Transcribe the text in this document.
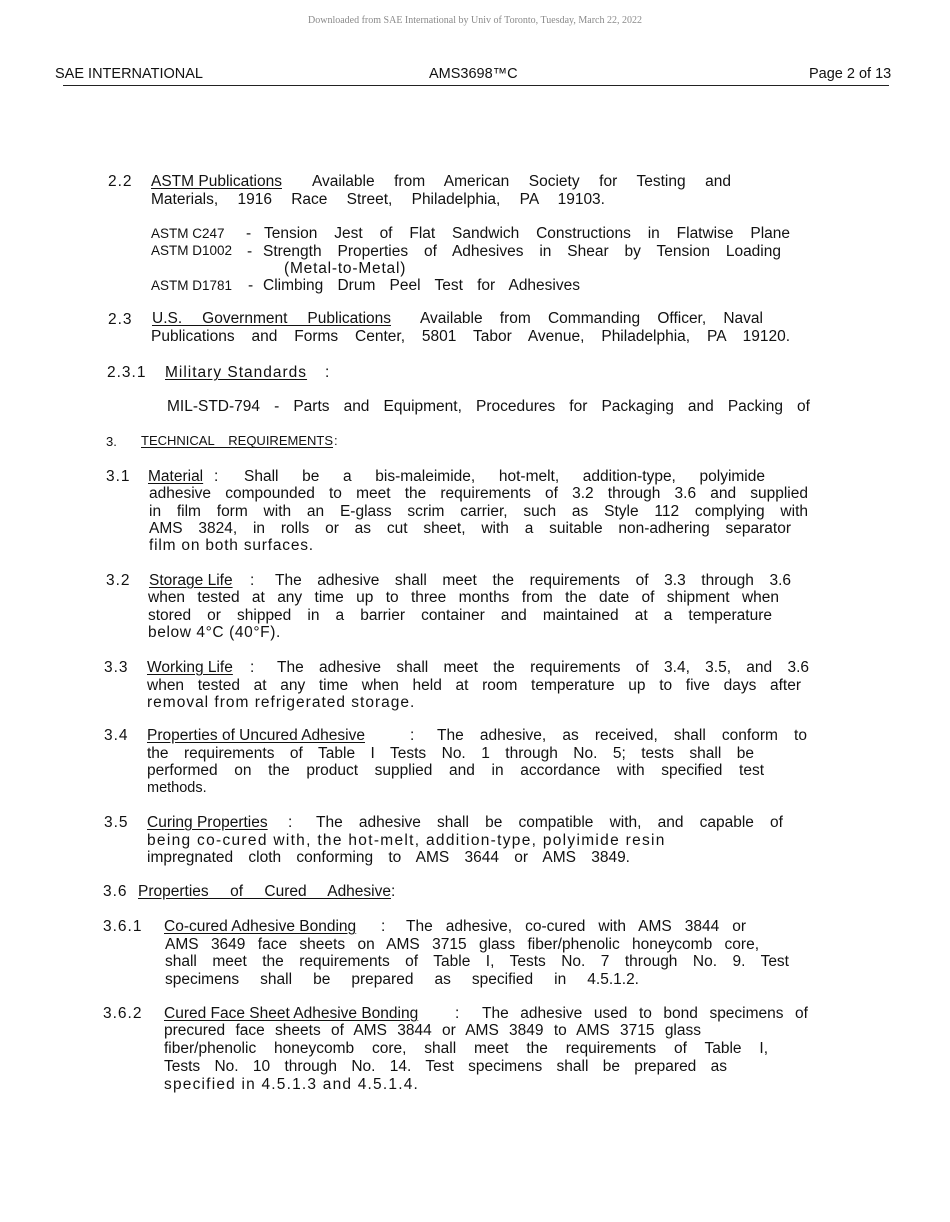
Downloaded from SAE International by Univ of Toronto, Tuesday, March 22, 2022
SAE INTERNATIONAL	AMS3698™C	Page 2 of 13
2.2 ASTM Publications Available from American Society for Testing and
Materials, 1916 Race Street, Philadelphia, PA 19103.
ASTM C247 - Tension Jest of Flat Sandwich Constructions in Flatwise Plane
ASTM D1002 - Strength Properties of Adhesives in Shear by Tension Loading
(Metal-to-Metal)
ASTM D1781 - Climbing Drum Peel Test for Adhesives
2.3 U.S. Government Publications Available from Commanding Officer, Naval
Publications and Forms Center, 5801 Tabor Avenue, Philadelphia, PA 19120.
2.3.1 Military Standards :
MIL-STD-794 - Parts and Equipment, Procedures for Packaging and Packing of
3. TECHNICAL REQUIREMENTS :
3.1 Material : Shall be a bis-maleimide, hot-melt, addition-type, polyimide
adhesive compounded to meet the requirements of 3.2 through 3.6 and supplied
in film form with an E-glass scrim carrier, such as Style 112 complying with
AMS 3824, in rolls or as cut sheet, with a suitable non-adhering separator
film on both surfaces.
3.2 Storage Life : The adhesive shall meet the requirements of 3.3 through 3.6
when tested at any time up to three months from the date of shipment when
stored or shipped in a barrier container and maintained at a temperature
below 4°C (40°F).
3.3 Working Life : The adhesive shall meet the requirements of 3.4, 3.5, and 3.6
when tested at any time when held at room temperature up to five days after
removal from refrigerated storage.
3.4 Properties of Uncured Adhesive	: The adhesive, as received, shall conform to
the requirements of Table I Tests No. 1 through No. 5; tests shall be
performed on the product supplied and in accordance with specified test
methods.
3.5 Curing Properties : The adhesive shall be compatible with, and capable of
being co-cured with, the hot-melt, addition-type, polyimide resin
impregnated cloth conforming to AMS 3644 or AMS 3849.
3.6 Properties of Cured Adhesive :
3.6.1 Co-cured Adhesive Bonding : The adhesive, co-cured with AMS 3844 or
AMS 3649 face sheets on AMS 3715 glass fiber/phenolic honeycomb core,
shall meet the requirements of Table I, Tests No. 7 through No. 9. Test
specimens shall be prepared as specified in 4.5.1.2.
3.6.2 Cured Face Sheet Adhesive Bonding : The adhesive used to bond specimens of
precured face sheets of AMS 3844 or AMS 3849 to AMS 3715 glass
fiber/phenolic honeycomb core, shall meet the requirements of Table I,
Tests No. 10 through No. 14. Test specimens shall be prepared as
specified in 4.5.1.3 and 4.5.1.4.
